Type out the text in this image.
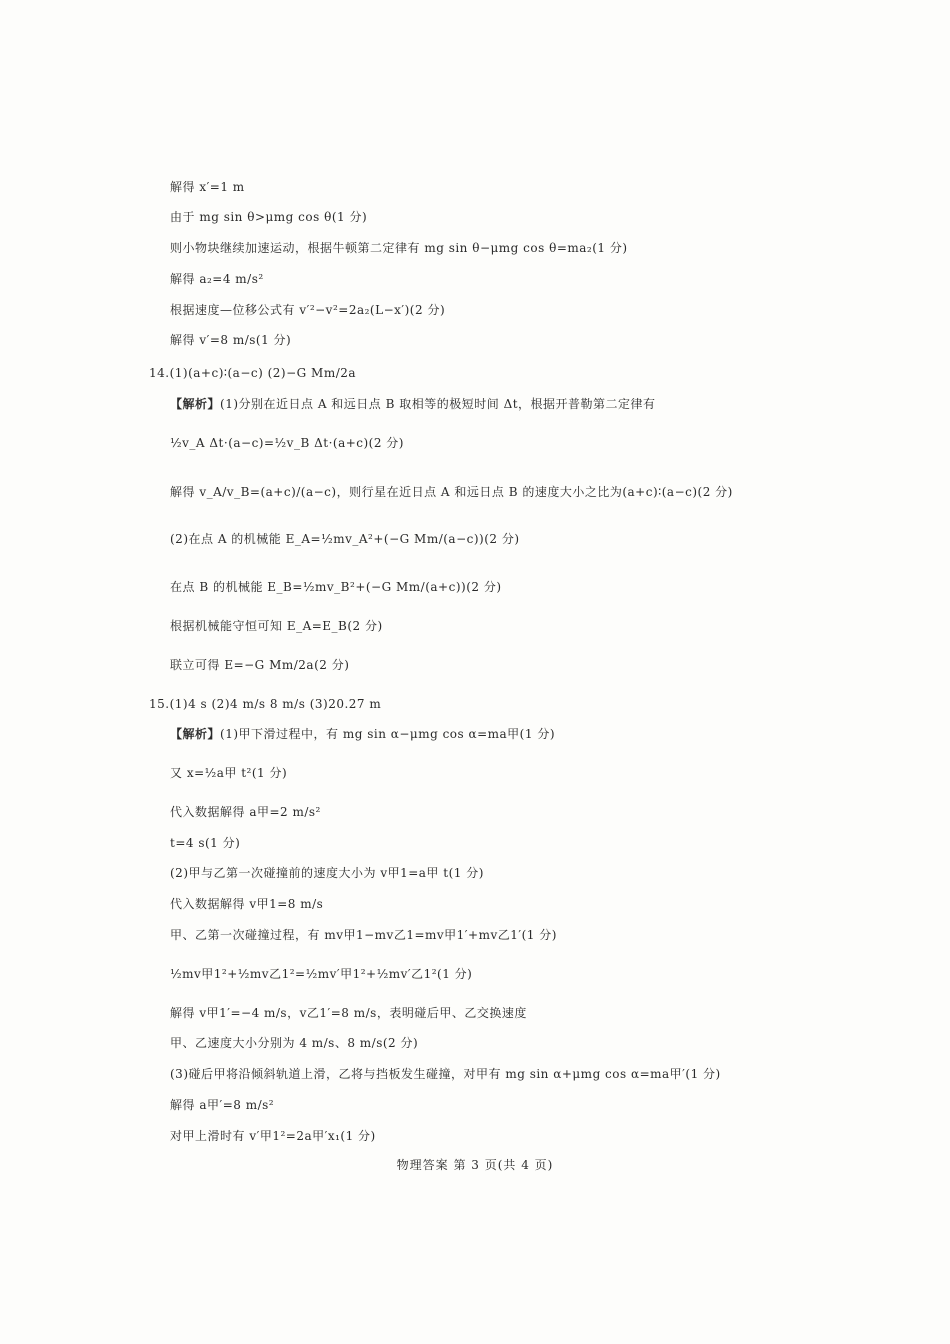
解得 x′=1 m
由于 mg sin θ>μmg cos θ(1 分)
则小物块继续加速运动，根据牛顿第二定律有 mg sin θ−μmg cos θ=ma₂(1 分)
解得 a₂=4 m/s²
根据速度—位移公式有 v′²−v²=2a₂(L−x′)(2 分)
解得 v′=8 m/s(1 分)
14.(1)(a+c)∶(a−c) (2)−G Mm/2a
【解析】(1)分别在近日点 A 和远日点 B 取相等的极短时间 Δt，根据开普勒第二定律有
½v_A Δt·(a−c)=½v_B Δt·(a+c)(2 分)
解得 v_A/v_B=(a+c)/(a−c)，则行星在近日点 A 和远日点 B 的速度大小之比为(a+c)∶(a−c)(2 分)
(2)在点 A 的机械能 E_A=½mv_A²+(−G Mm/(a−c))(2 分)
在点 B 的机械能 E_B=½mv_B²+(−G Mm/(a+c))(2 分)
根据机械能守恒可知 E_A=E_B(2 分)
联立可得 E=−G Mm/2a(2 分)
15.(1)4 s (2)4 m/s 8 m/s (3)20.27 m
【解析】(1)甲下滑过程中，有 mg sin α−μmg cos α=ma甲(1 分)
又 x=½a甲 t²(1 分)
代入数据解得 a甲=2 m/s²
t=4 s(1 分)
(2)甲与乙第一次碰撞前的速度大小为 v甲1=a甲 t(1 分)
代入数据解得 v甲1=8 m/s
甲、乙第一次碰撞过程，有 mv甲1−mv乙1=mv甲1′+mv乙1′(1 分)
½mv甲1²+½mv乙1²=½mv′甲1²+½mv′乙1²(1 分)
解得 v甲1′=−4 m/s，v乙1′=8 m/s，表明碰后甲、乙交换速度
甲、乙速度大小分别为 4 m/s、8 m/s(2 分)
(3)碰后甲将沿倾斜轨道上滑，乙将与挡板发生碰撞，对甲有 mg sin α+μmg cos α=ma甲′(1 分)
解得 a甲′=8 m/s²
对甲上滑时有 v′甲1²=2a甲′x₁(1 分)
物理答案 第 3 页(共 4 页)
